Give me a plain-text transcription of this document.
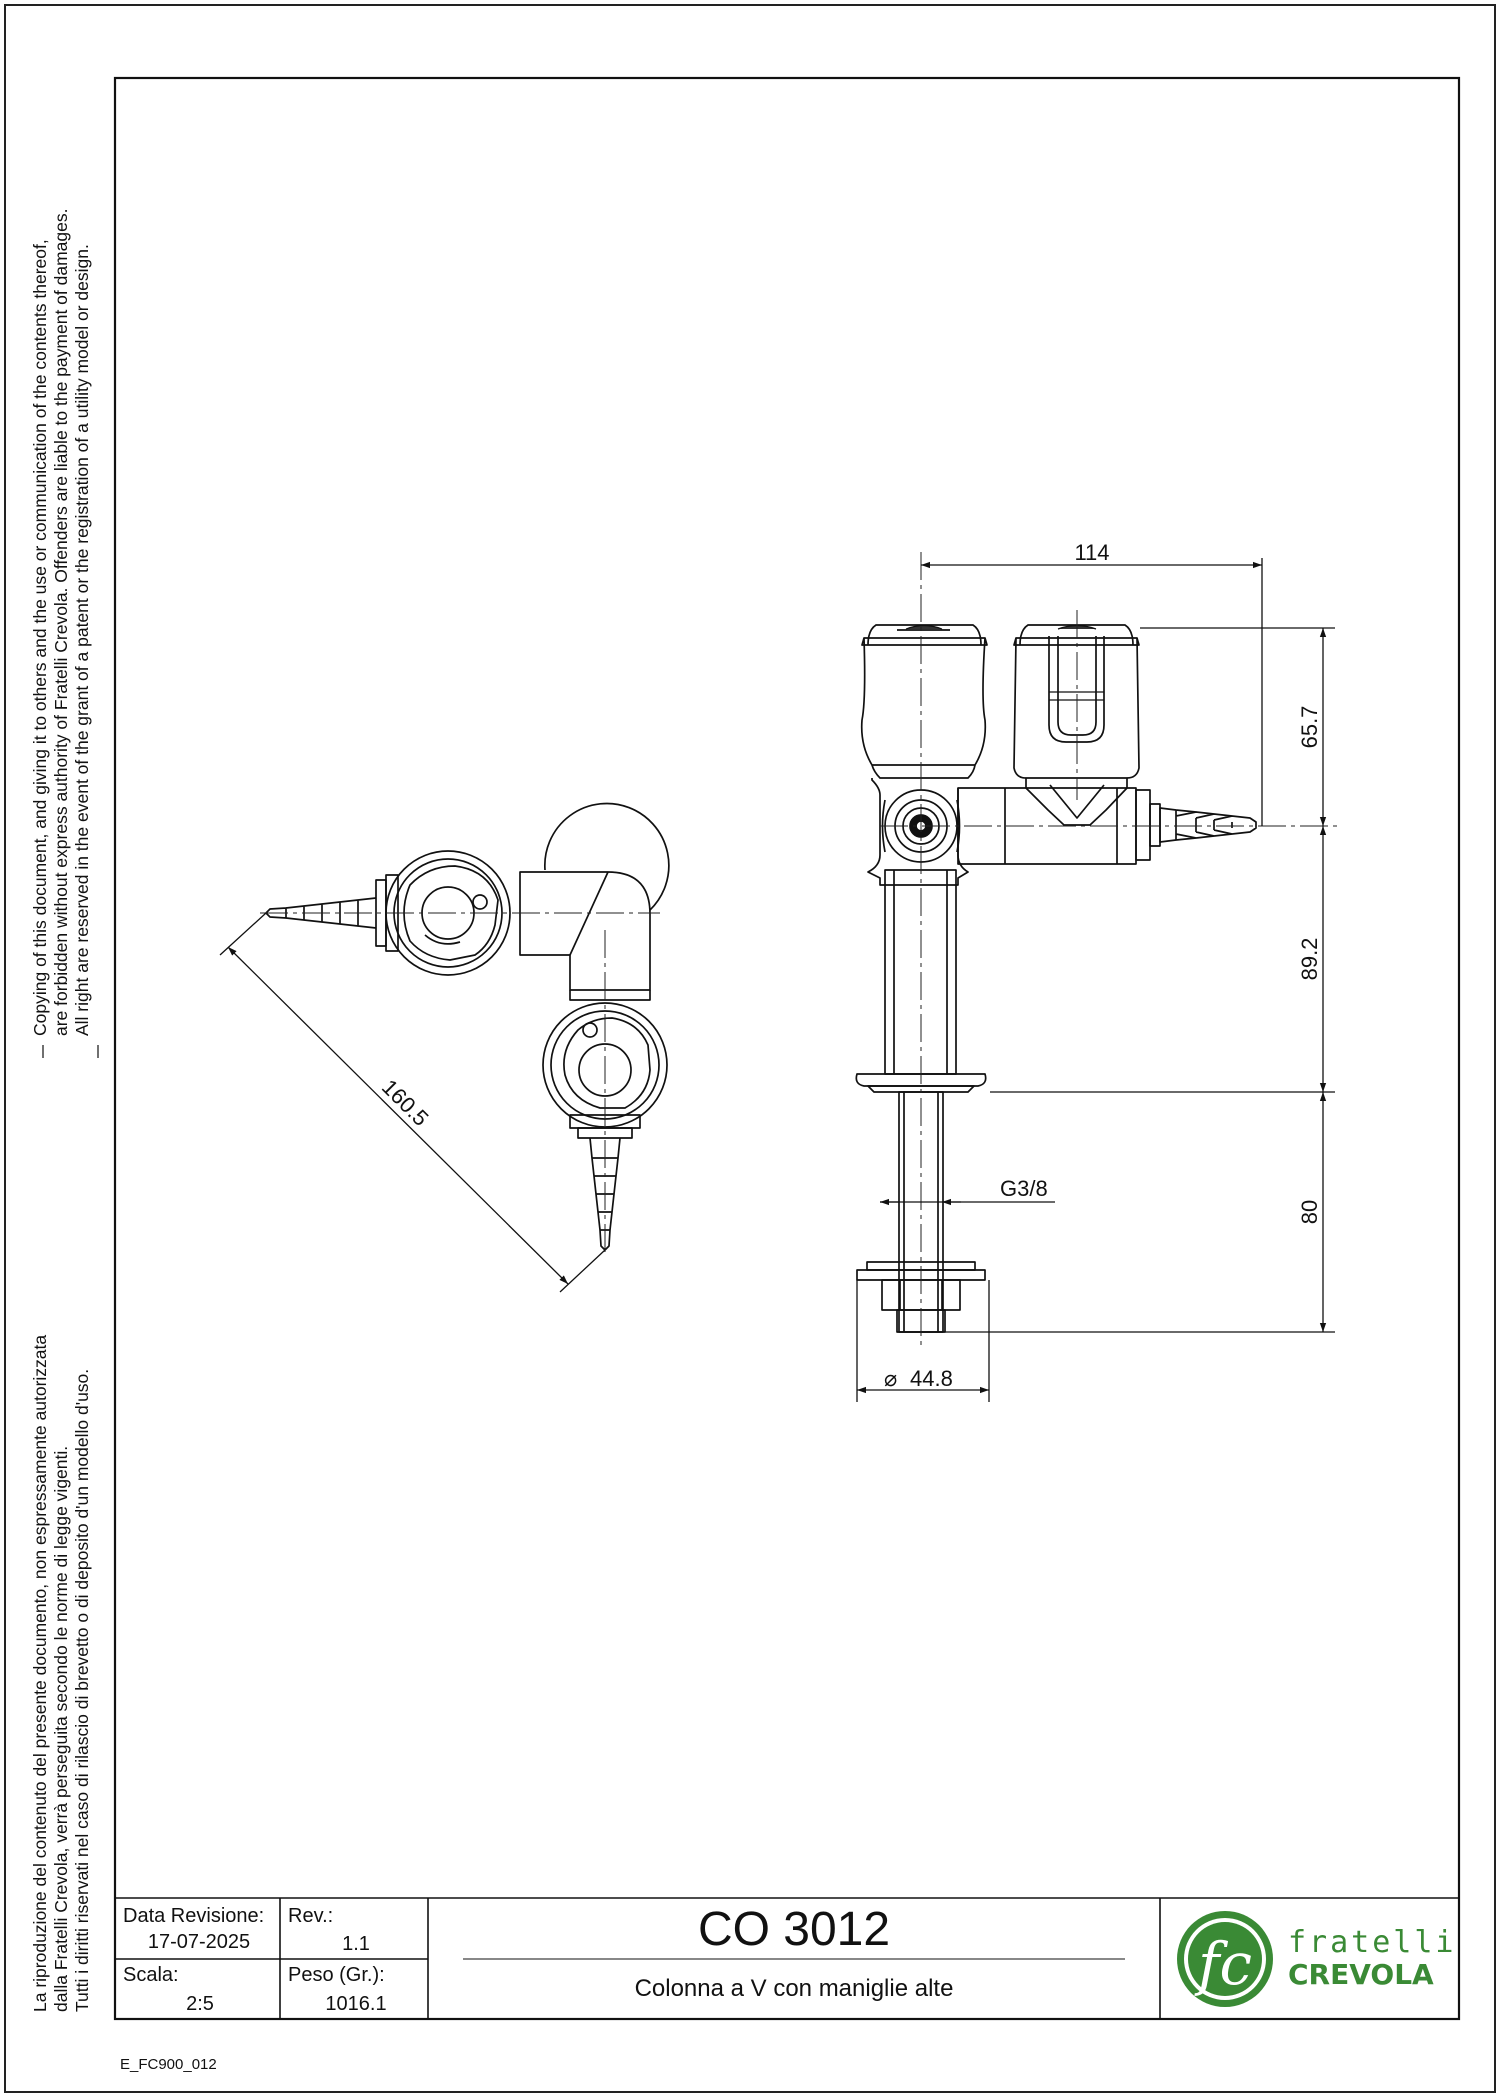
114
65.7
89.2
80
G3/8
⌀ 44.8
160.5
fc
Copying of this document, and giving it to others and the use or communication of the contents thereof, are forbidden without express authority of Fratelli Crevola. Offenders are liable to the payment of damages. All right are reserved in the event of the grant of a patent or the registration of a utility model or design.
La riproduzione del contenuto del presente documento, non espressamente autorizzata dalla Fratelli Crevola, verrà perseguita secondo le norme di legge vigenti. Tutti i diritti riservati nel caso di rilascio di brevetto o di deposito d'un modello d'uso. Data Revisione:
17-07-2025
Rev.:
1.1
Scala:
2:5
Peso (Gr.):
1016.1
CO 3012
Colonna a V con maniglie alte
fratelli
CREVOLA
E_FC900_012
